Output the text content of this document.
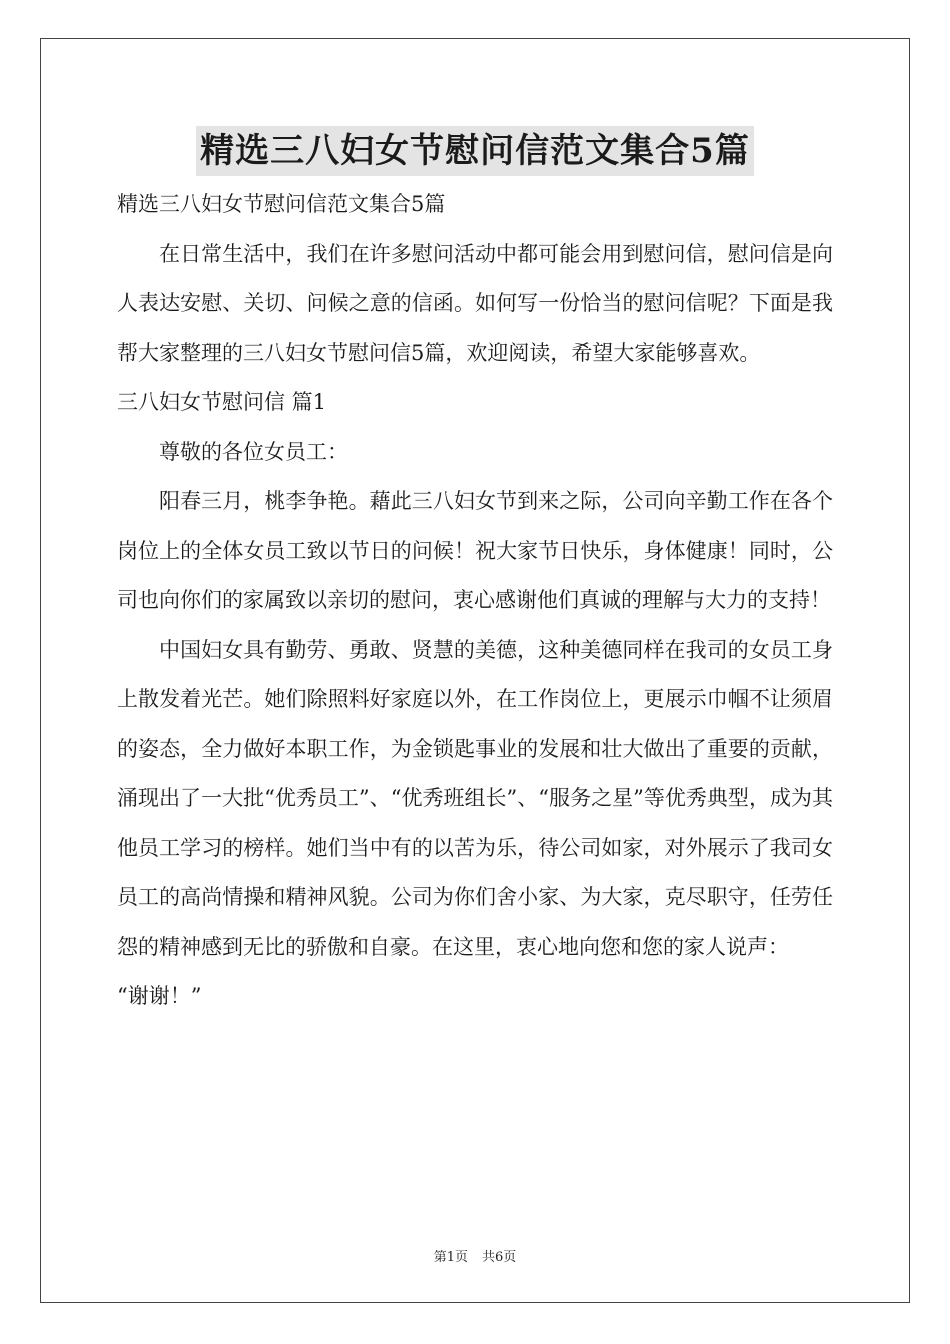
精选三八妇女节慰问信范文集合5篇

精选三八妇女节慰问信范文集合5篇

在日常生活中，我们在许多慰问活动中都可能会用到慰问信，慰问信是向人表达安慰、关切、问候之意的信函。如何写一份恰当的慰问信呢？下面是我帮大家整理的三八妇女节慰问信5篇，欢迎阅读，希望大家能够喜欢。

三八妇女节慰问信 篇1

尊敬的各位女员工：

阳春三月，桃李争艳。藉此三八妇女节到来之际，公司向辛勤工作在各个岗位上的全体女员工致以节日的问候！祝大家节日快乐，身体健康！同时，公司也向你们的家属致以亲切的慰问，衷心感谢他们真诚的理解与大力的支持！

中国妇女具有勤劳、勇敢、贤慧的美德，这种美德同样在我司的女员工身上散发着光芒。她们除照料好家庭以外，在工作岗位上，更展示巾帼不让须眉的姿态，全力做好本职工作，为金锁匙事业的发展和壮大做出了重要的贡献，涌现出了一大批“优秀员工”、“优秀班组长”、“服务之星”等优秀典型，成为其他员工学习的榜样。她们当中有的以苦为乐，待公司如家，对外展示了我司女员工的高尚情操和精神风貌。公司为你们舍小家、为大家，克尽职守，任劳任怨的精神感到无比的骄傲和自豪。在这里，衷心地向您和您的家人说声：

“谢谢！”

第1页 共6页
